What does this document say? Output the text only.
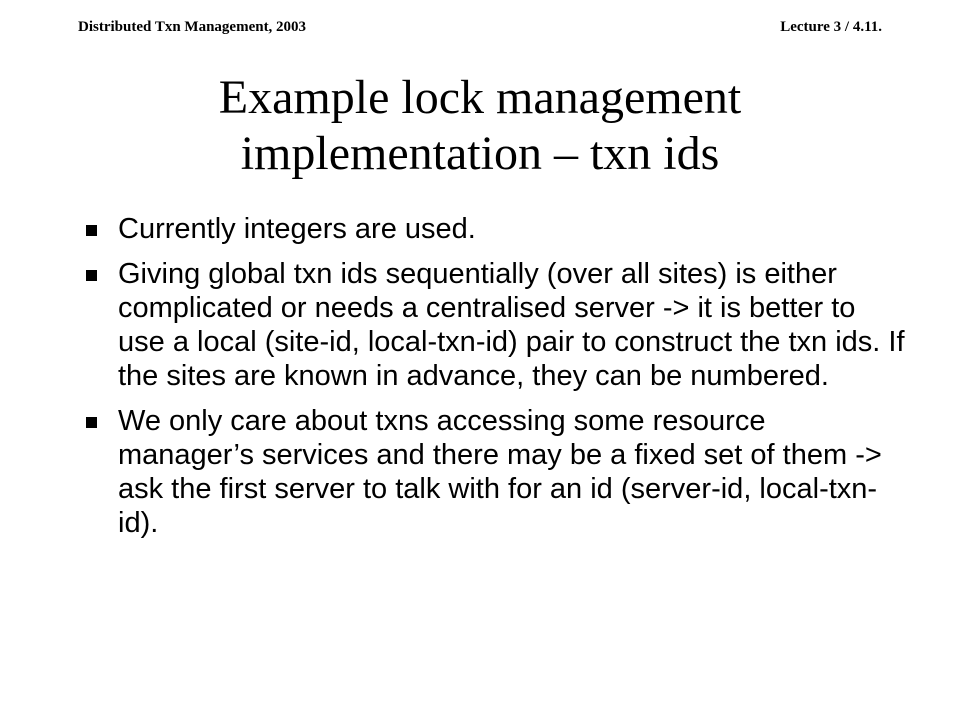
Distributed Txn Management, 2003	Lecture 3 / 4.11.
Example lock management
implementation – txn ids
Currently integers are used.
Giving global txn ids sequentially (over all sites) is either complicated or needs a centralised server -> it is better to use a local (site-id, local-txn-id) pair to construct the txn ids. If the sites are known in advance, they can be numbered.
We only care about txns accessing some resource manager’s services and there may be a fixed set of them -> ask the first server to talk with for an id (server-id, local-txn-id).
